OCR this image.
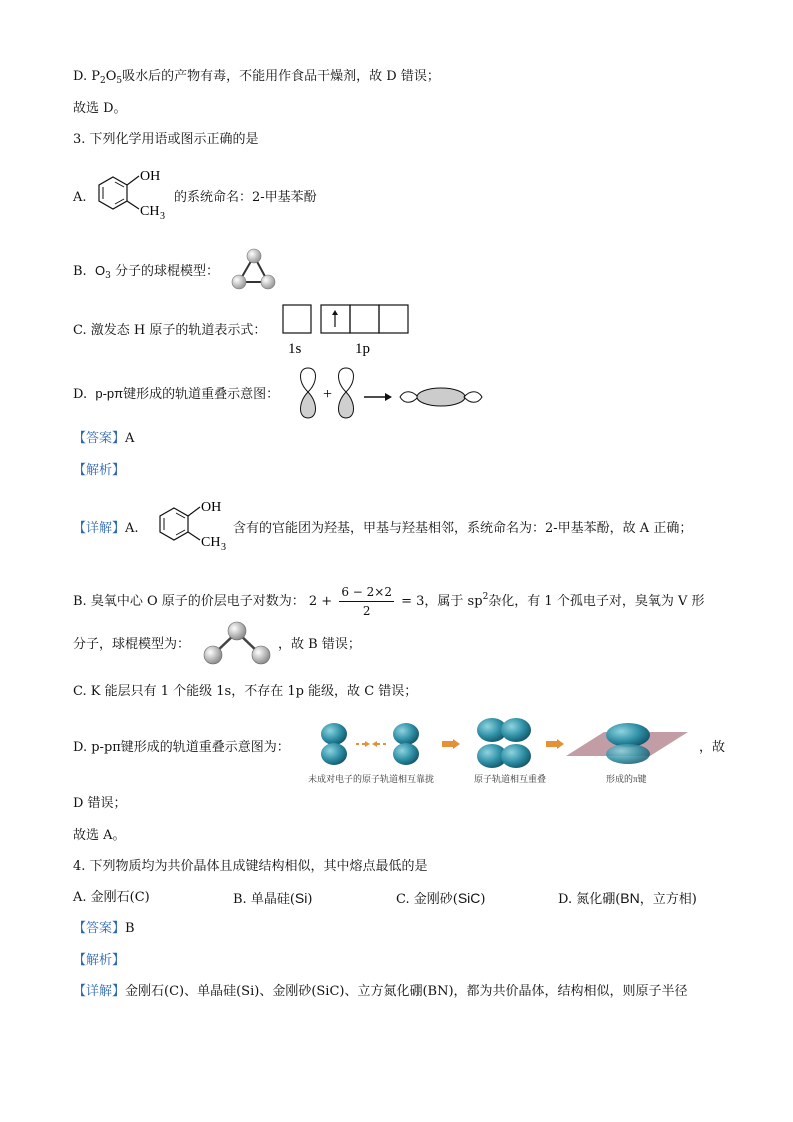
D. $P_2O_5$吸水后的产物有毒，不能用作食品干燥剂，故 D 错误；
故选 D。
3. 下列化学用语或图示正确的是
A.
OH
CH 3
的系统命名：2-甲基苯酚
B. $O_3$ 分子的球棍模型：
C. 激发态 H 原子的轨道表示式：
1s	1p
D. p-pπ键形成的轨道重叠示意图：	+
【答案】A
【解析】
【详解】A.
OH
CH 3
含有的官能团为羟基，甲基与羟基相邻，系统命名为：2-甲基苯酚，故 A 正确；
B. 臭氧中心 O 原子的价层电子对数为： $2 + \frac{6 - 2\times 2}{2} = 3$，属于 $sp^2$杂化，有 1 个孤电子对，臭氧为 V 形
分子，球棍模型为：	，故 B 错误；
C. K 能层只有 1 个能级 1s，不存在 1p 能级，故 C 错误；
D. p-pπ键形成的轨道重叠示意图为：
未成对电子的原子轨道相互靠拢	原子轨道相互重叠	形成的π键
，故
D 错误；
故选 A。
4. 下列物质均为共价晶体且成键结构相似，其中熔点最低的是
A. 金刚石(C)	B. 单晶硅(Si)	C. 金刚砂(SiC)	D. 氮化硼(BN，立方相)
【答案】B
【解析】
【详解】金刚石(C)、单晶硅(Si)、金刚砂(SiC)、立方氮化硼(BN)，都为共价晶体，结构相似，则原子半径
